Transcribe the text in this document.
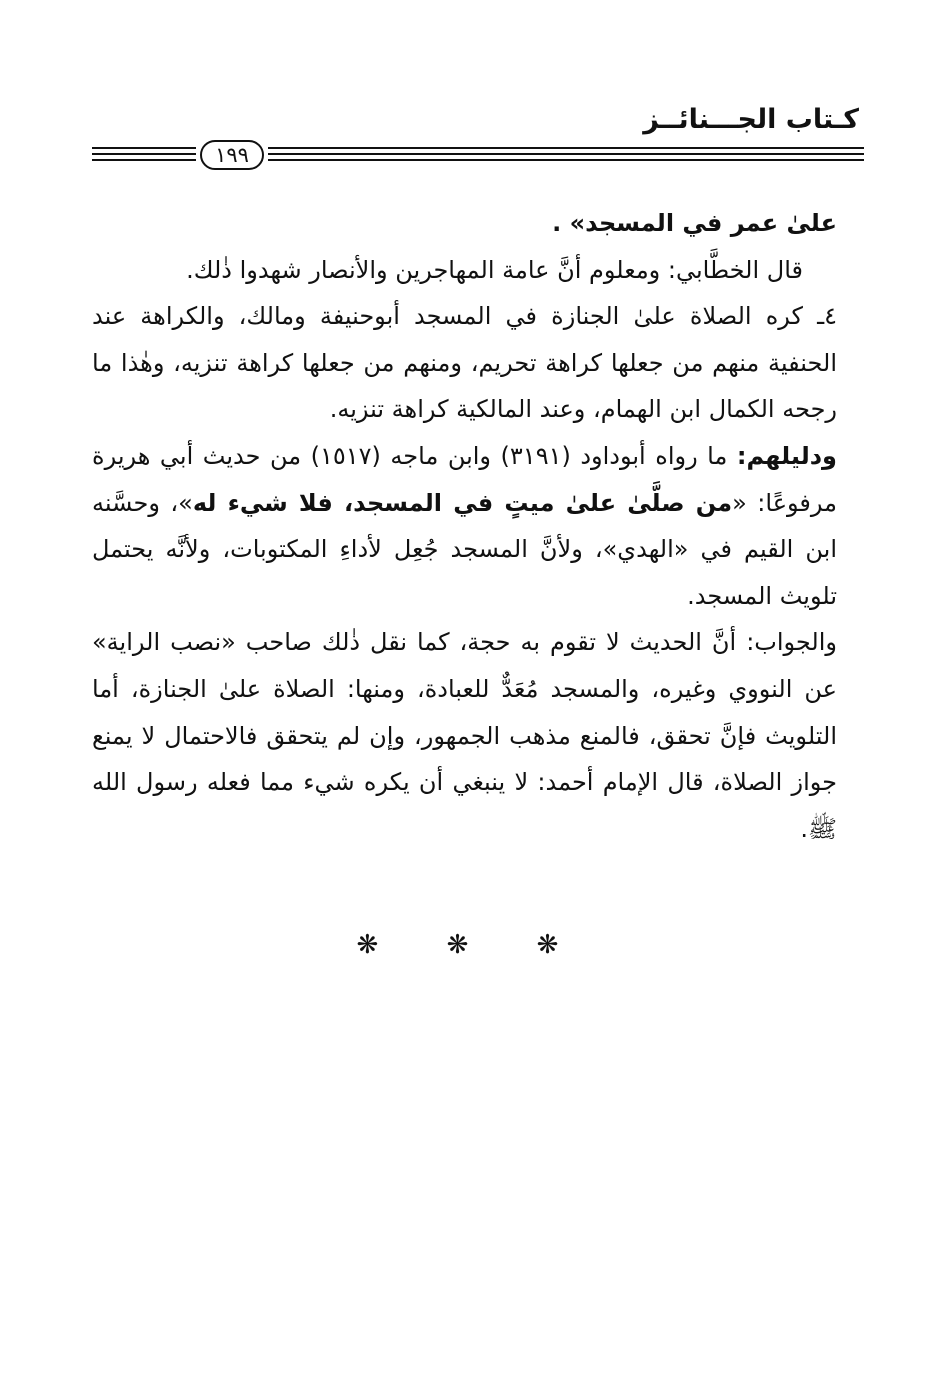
كـتاب الجـــنائــز
١٩٩

علىٰ عمر في المسجد» .

قال الخطَّابي: ومعلوم أنَّ عامة المهاجرين والأنصار شهدوا ذٰلك.

٤ـ كره الصلاة علىٰ الجنازة في المسجد أبوحنيفة ومالك، والكراهة عند الحنفية منهم من جعلها كراهة تحريم، ومنهم من جعلها كراهة تنزيه، وهٰذا ما رجحه الكمال ابن الهمام، وعند المالكية كراهة تنزيه.

ودليلهم: ما رواه أبوداود (٣١٩١) وابن ماجه (١٥١٧) من حديث أبي هريرة مرفوعًا: «من صلَّىٰ علىٰ ميتٍ في المسجد، فلا شيء له»، وحسَّنه ابن القيم في «الهدي»، ولأنَّ المسجد جُعِل لأداءِ المكتوبات، ولأنَّه يحتمل تلويث المسجد.

والجواب: أنَّ الحديث لا تقوم به حجة، كما نقل ذٰلك صاحب «نصب الراية» عن النووي وغيره، والمسجد مُعَدٌّ للعبادة، ومنها: الصلاة علىٰ الجنازة، أما التلويث فإنَّ تحقق، فالمنع مذهب الجمهور، وإن لم يتحقق فالاحتمال لا يمنع جواز الصلاة، قال الإمام أحمد: لا ينبغي أن يكره شيء مما فعله رسول الله ﷺ.

❋ ❋ ❋
